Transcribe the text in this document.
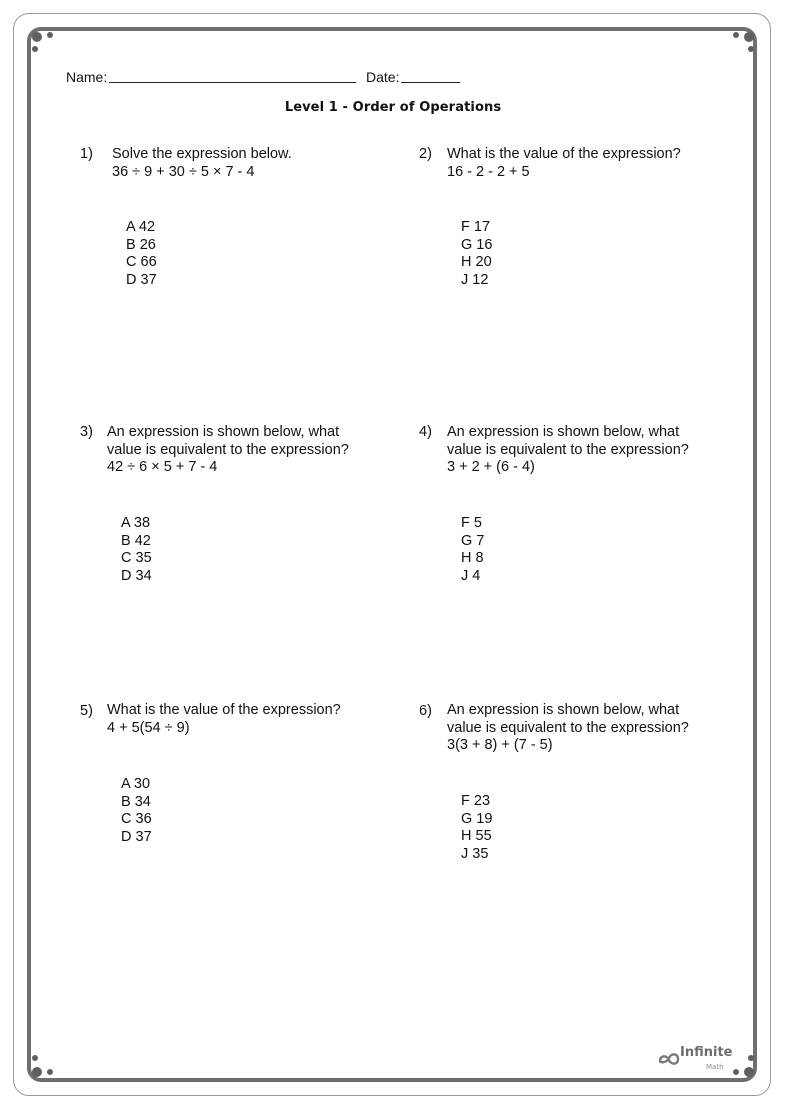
Name:	Date:
Level 1 - Order of Operations
1) Solve the expression below.
36 ÷ 9 + 30 ÷ 5 × 7 - 4
A 42
B 26
C 66
D 37
2) What is the value of the expression?
16 - 2 - 2 + 5
F 17
G 16
H 20
J 12
3) An expression is shown below, what
value is equivalent to the expression?
42 ÷ 6 × 5 + 7 - 4
A 38
B 42
C 35
D 34
4) An expression is shown below, what
value is equivalent to the expression?
3 + 2 + (6 - 4)
F 5
G 7
H 8
J 4
5) What is the value of the expression?
4 + 5(54 ÷ 9)
A 30
B 34
C 36
D 37
6) An expression is shown below, what
value is equivalent to the expression?
3(3 + 8) + (7 - 5)
F 23
G 19
H 55
J 35
Infinite
Math
